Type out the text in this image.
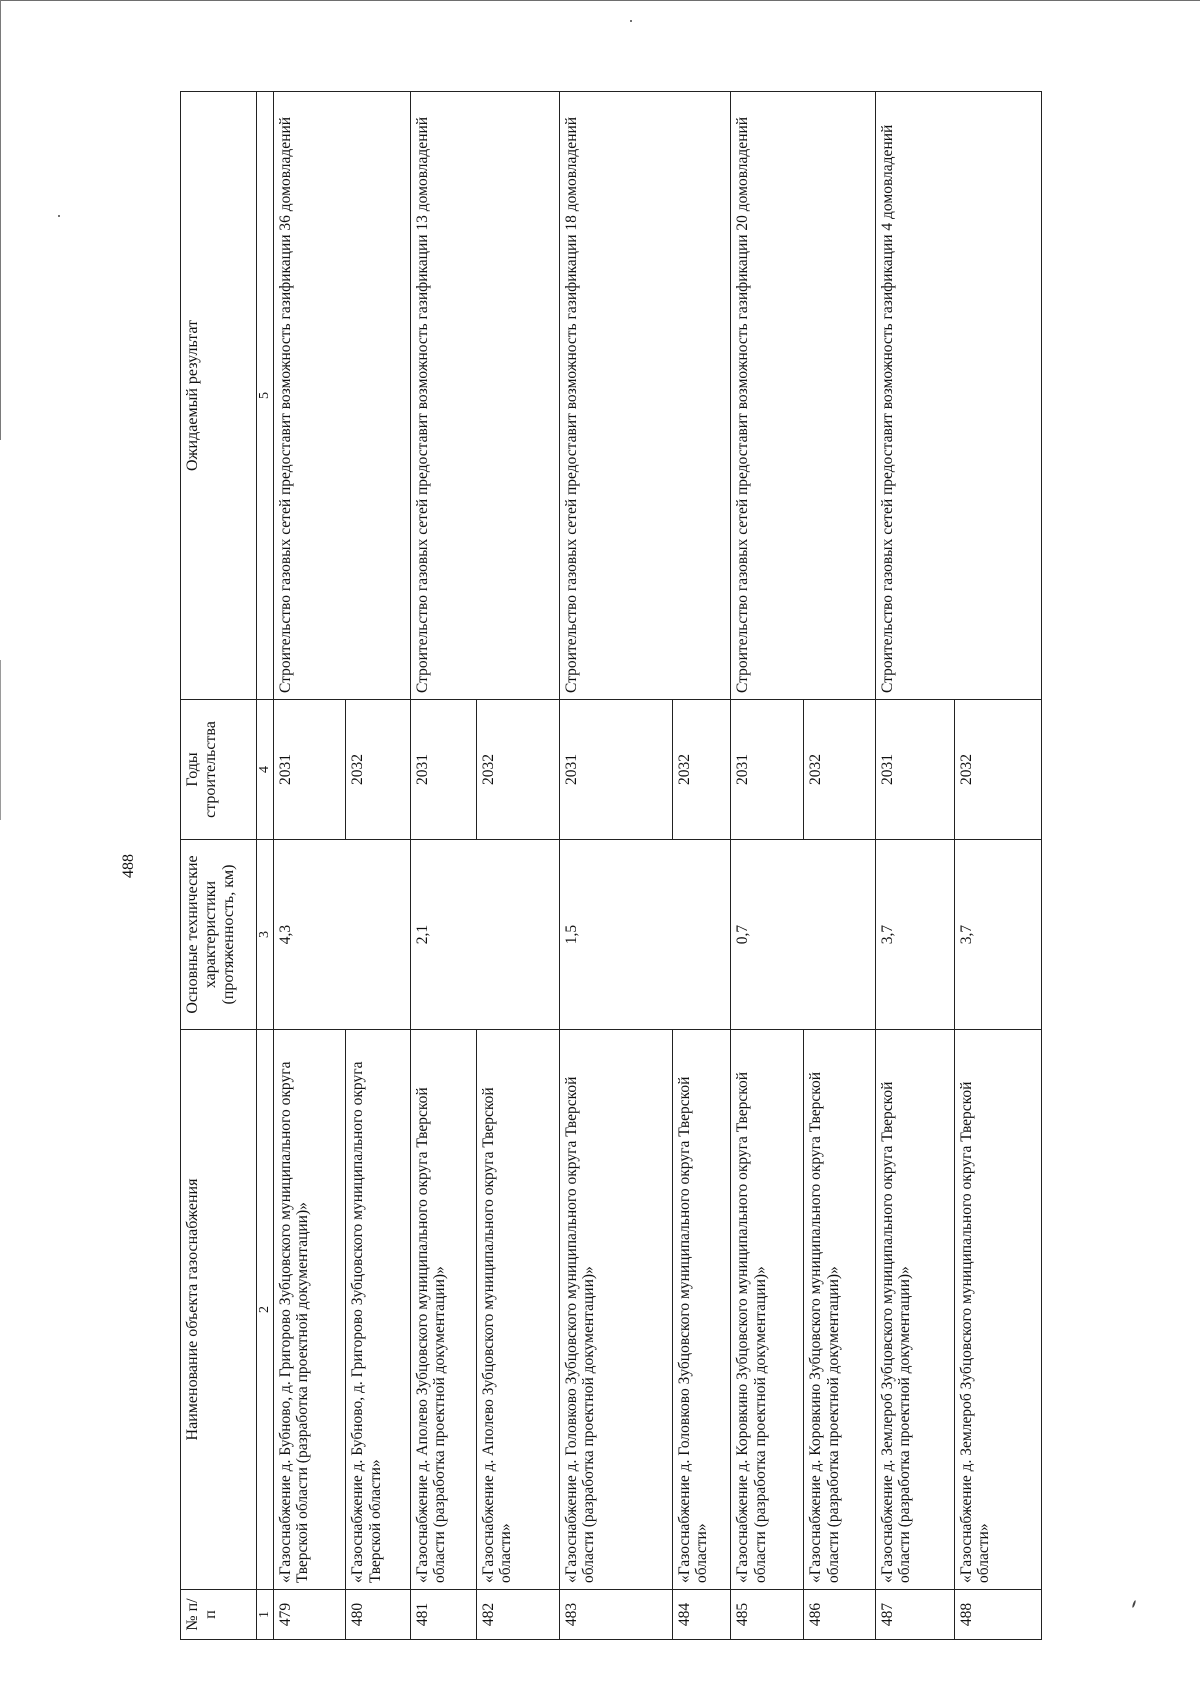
488
№ п/п	Наименование объекта газоснабжения	Основные технические характеристики (протяженность, км)	Годы строительства	Ожидаемый результат
1	2	3	4	5
479	«Газоснабжение д. Бубново, д. Григорово Зубцовского муниципального округа Тверской области (разработка проектной документации)»	4,3	2031	Строительство газовых сетей предоставит возможность газификации 36 домовладений
480	«Газоснабжение д. Бубново, д. Григорово Зубцовского муниципального округа Тверской области»		2032	
481	«Газоснабжение д. Аполево Зубцовского муниципального округа Тверской области (разработка проектной документации)»	2,1	2031	Строительство газовых сетей предоставит возможность газификации 13 домовладений
482	«Газоснабжение д. Аполево Зубцовского муниципального округа Тверской области»		2032	
483	«Газоснабжение д. Головково Зубцовского муниципального округа Тверской области (разработка проектной документации)»	1,5	2031	Строительство газовых сетей предоставит возможность газификации 18 домовладений
484	«Газоснабжение д. Головково Зубцовского муниципального округа Тверской области»		2032	
485	«Газоснабжение д. Коровкино Зубцовского муниципального округа Тверской области (разработка проектной документации)»	0,7	2031	Строительство газовых сетей предоставит возможность газификации 20 домовладений
486	«Газоснабжение д. Коровкино Зубцовского муниципального округа Тверской области (разработка проектной документации)»		2032	
487	«Газоснабжение д. Землероб Зубцовского муниципального округа Тверской области (разработка проектной документации)»	3,7	2031	Строительство газовых сетей предоставит возможность газификации 4 домовладений
488	«Газоснабжение д. Землероб Зубцовского муниципального округа Тверской области»	3,7	2032	
